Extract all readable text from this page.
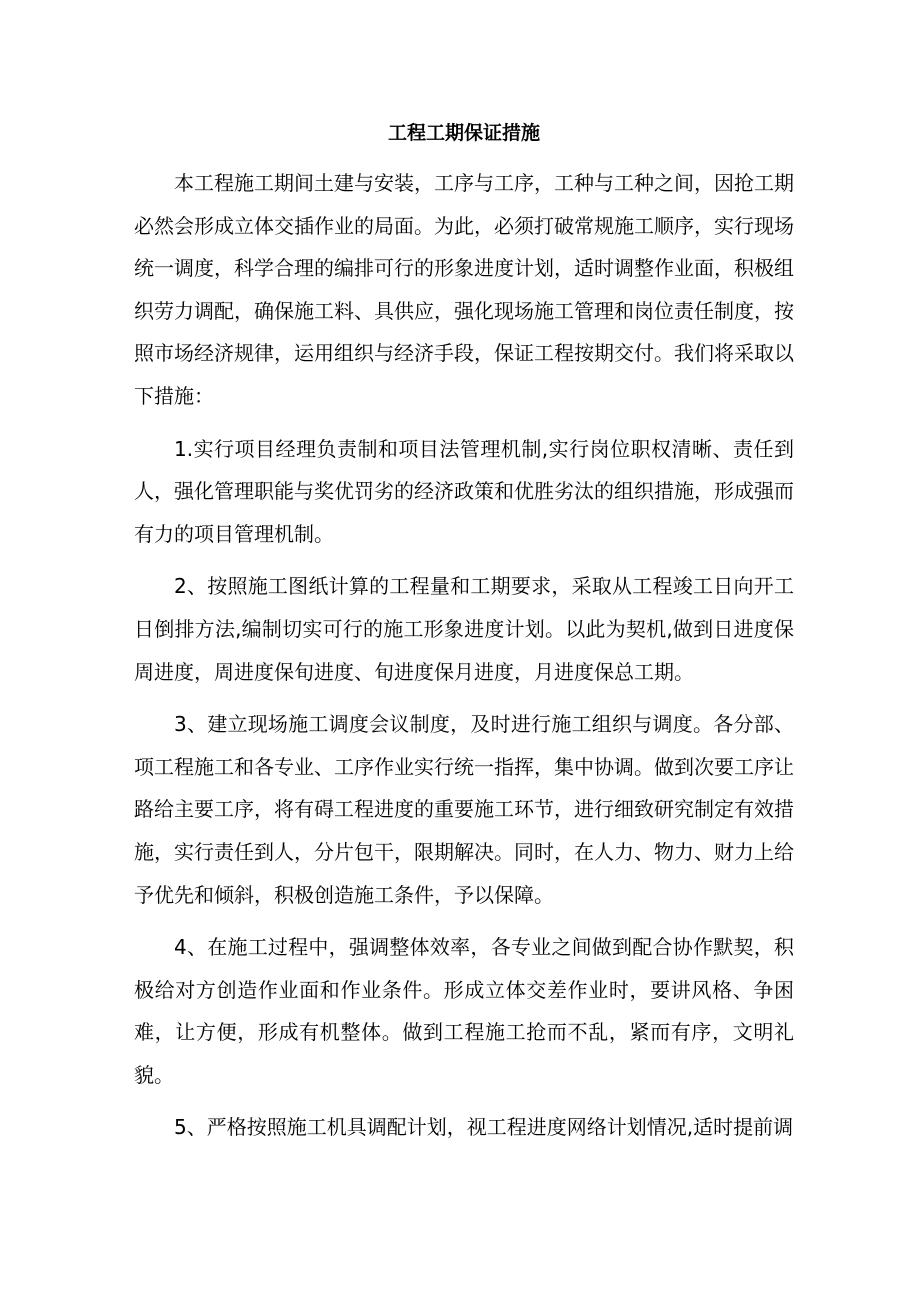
工程工期保证措施

本工程施工期间土建与安装，工序与工序，工种与工种之间，因抢工期必然会形成立体交插作业的局面。为此，必须打破常规施工顺序，实行现场统一调度，科学合理的编排可行的形象进度计划，适时调整作业面，积极组织劳力调配，确保施工料、具供应，强化现场施工管理和岗位责任制度，按照市场经济规律，运用组织与经济手段，保证工程按期交付。我们将采取以下措施：

1.实行项目经理负责制和项目法管理机制,实行岗位职权清晰、责任到人，强化管理职能与奖优罚劣的经济政策和优胜劣汰的组织措施，形成强而有力的项目管理机制。

2、按照施工图纸计算的工程量和工期要求，采取从工程竣工日向开工日倒排方法,编制切实可行的施工形象进度计划。以此为契机,做到日进度保周进度，周进度保旬进度、旬进度保月进度，月进度保总工期。

3、建立现场施工调度会议制度，及时进行施工组织与调度。各分部、项工程施工和各专业、工序作业实行统一指挥，集中协调。做到次要工序让路给主要工序，将有碍工程进度的重要施工环节，进行细致研究制定有效措施，实行责任到人，分片包干，限期解决。同时，在人力、物力、财力上给予优先和倾斜，积极创造施工条件，予以保障。

4、在施工过程中，强调整体效率，各专业之间做到配合协作默契，积极给对方创造作业面和作业条件。形成立体交差作业时，要讲风格、争困难，让方便，形成有机整体。做到工程施工抢而不乱，紧而有序，文明礼貌。

5、严格按照施工机具调配计划，视工程进度网络计划情况,适时提前调
